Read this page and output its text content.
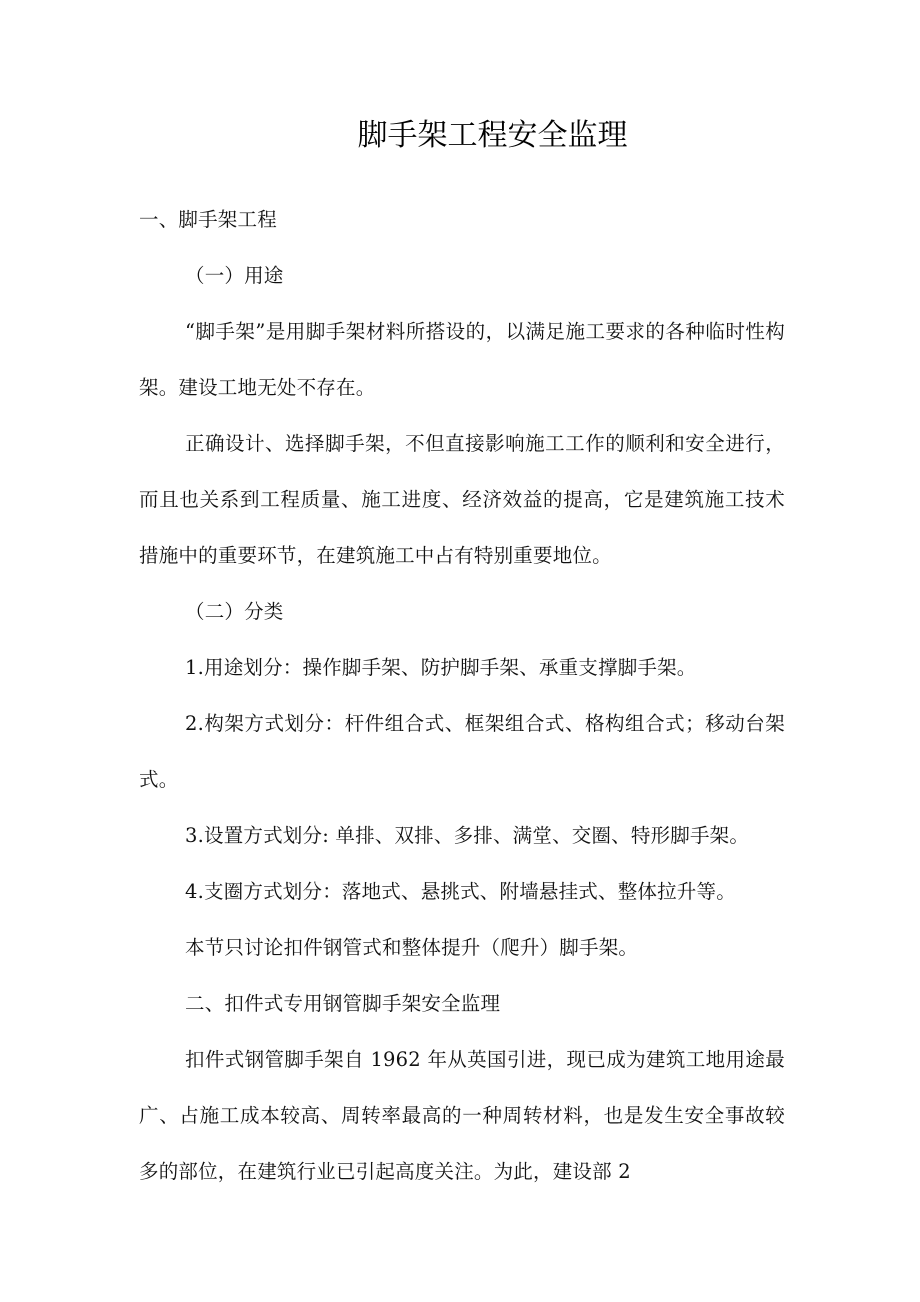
脚手架工程安全监理

一、脚手架工程

（一）用途

“脚手架”是用脚手架材料所搭设的，以满足施工要求的各种临时性构架。建设工地无处不存在。

正确设计、选择脚手架，不但直接影响施工工作的顺利和安全进行，而且也关系到工程质量、施工进度、经济效益的提高，它是建筑施工技术措施中的重要环节，在建筑施工中占有特别重要地位。

（二）分类

1.用途划分：操作脚手架、防护脚手架、承重支撑脚手架。

2.构架方式划分：杆件组合式、框架组合式、格构组合式；移动台架式。

3.设置方式划分: 单排、双排、多排、满堂、交圈、特形脚手架。

4.支圈方式划分：落地式、悬挑式、附墙悬挂式、整体拉升等。

本节只讨论扣件钢管式和整体提升（爬升）脚手架。

二、扣件式专用钢管脚手架安全监理

扣件式钢管脚手架自 1962 年从英国引进，现已成为建筑工地用途最广、占施工成本较高、周转率最高的一种周转材料，也是发生安全事故较多的部位，在建筑行业已引起高度关注。为此，建设部 2
